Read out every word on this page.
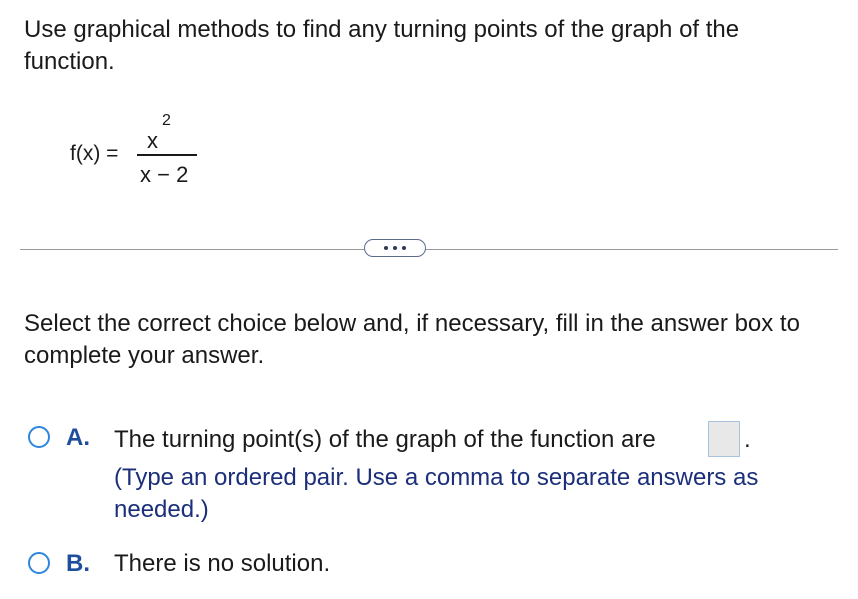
Use graphical methods to find any turning points of the graph of the function.
f(x) =
x
2
x − 2
Select the correct choice below and, if necessary, fill in the answer box to complete your answer.
A. The turning point(s) of the graph of the function are	.
(Type an ordered pair. Use a comma to separate answers as needed.)
B. There is no solution.
